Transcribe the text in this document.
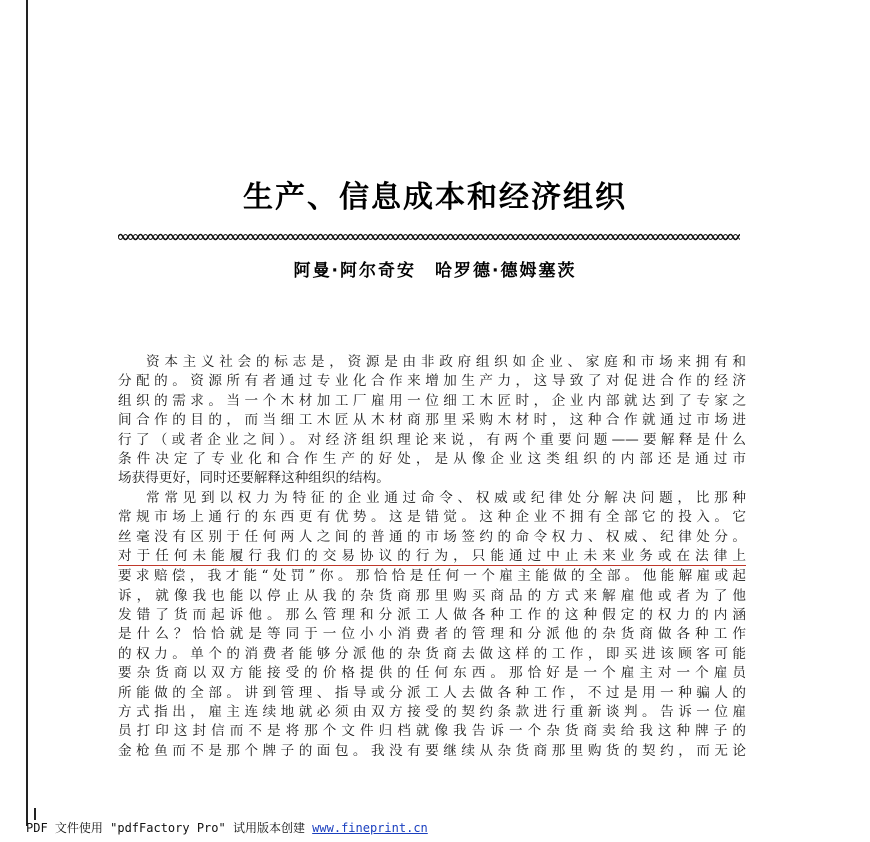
生产、信息成本和经济组织
阿曼·阿尔奇安　哈罗德·德姆塞茨
资本主义社会的标志是，资源是由非政府组织如企业、家庭和市场来拥有和
分配的。资源所有者通过专业化合作来增加生产力，这导致了对促进合作的经济
组织的需求。当一个木材加工厂雇用一位细工木匠时，企业内部就达到了专家之
间合作的目的，而当细工木匠从木材商那里采购木材时，这种合作就通过市场进
行了（或者企业之间）。对经济组织理论来说，有两个重要问题——要解释是什么
条件决定了专业化和合作生产的好处，是从像企业这类组织的内部还是通过市
场获得更好，同时还要解释这种组织的结构。
常常见到以权力为特征的企业通过命令、权威或纪律处分解决问题，比那种
常规市场上通行的东西更有优势。这是错觉。这种企业不拥有全部它的投入。它
丝毫没有区别于任何两人之间的普通的市场签约的命令权力、权威、纪律处分。
对于任何未能履行我们的交易协议的行为，只能通过中止未来业务或在法律上
要求赔偿，我才能“处罚”你。那恰恰是任何一个雇主能做的全部。他能解雇或起
诉，就像我也能以停止从我的杂货商那里购买商品的方式来解雇他或者为了他
发错了货而起诉他。那么管理和分派工人做各种工作的这种假定的权力的内涵
是什么？恰恰就是等同于一位小小消费者的管理和分派他的杂货商做各种工作
的权力。单个的消费者能够分派他的杂货商去做这样的工作，即买进该顾客可能
要杂货商以双方能接受的价格提供的任何东西。那恰好是一个雇主对一个雇员
所能做的全部。讲到管理、指导或分派工人去做各种工作，不过是用一种骗人的
方式指出，雇主连续地就必须由双方接受的契约条款进行重新谈判。告诉一位雇
员打印这封信而不是将那个文件归档就像我告诉一个杂货商卖给我这种牌子的
金枪鱼而不是那个牌子的面包。我没有要继续从杂货商那里购货的契约，而无论
PDF 文件使用 "pdfFactory Pro" 试用版本创建 www.fineprint.cn
